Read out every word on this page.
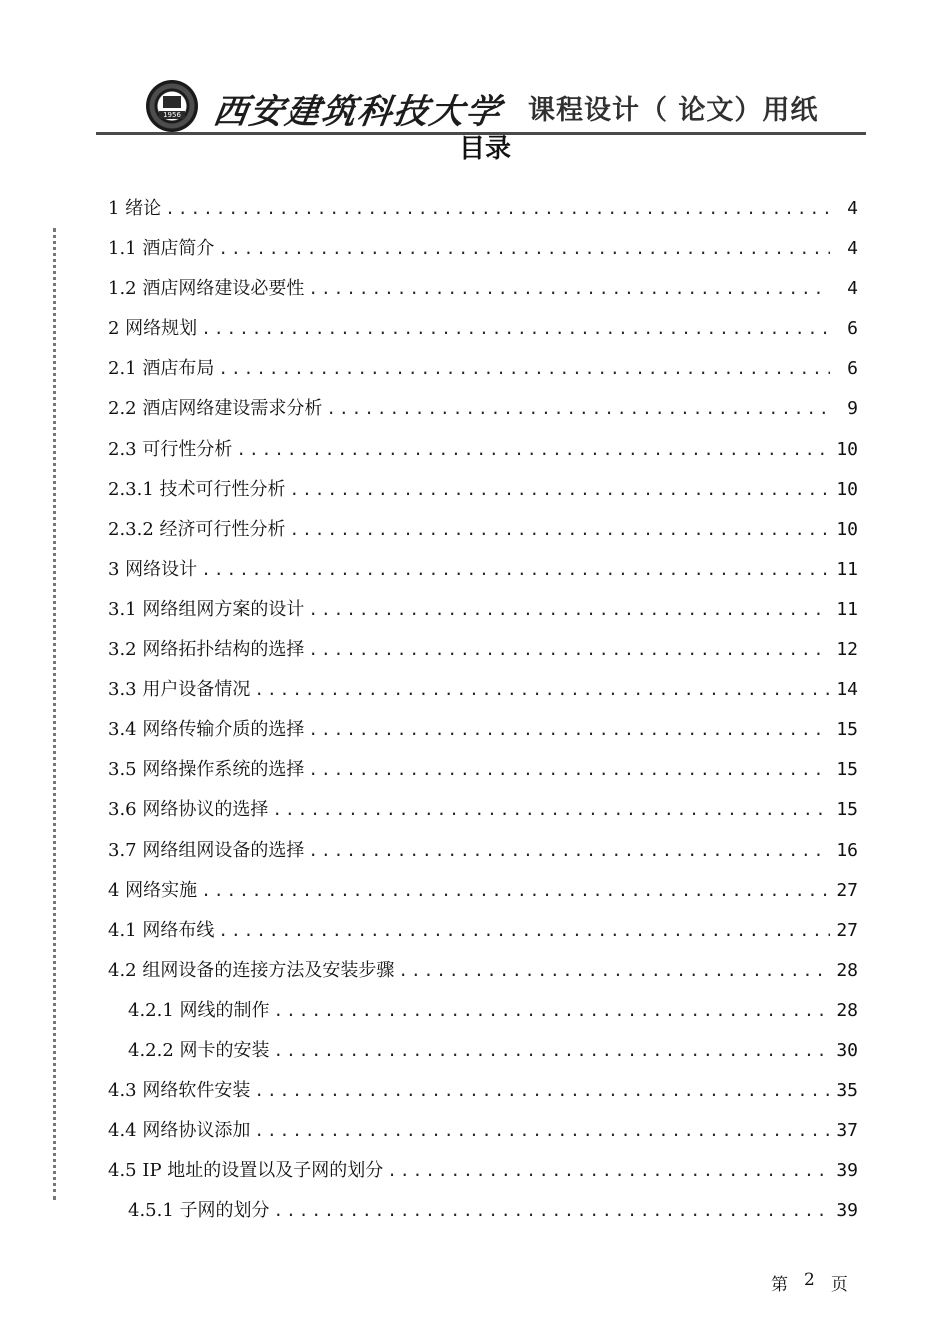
1956 西安建筑科技大学 课程设计（ 论文）用纸
目录
1 绪论 .....	4
1.1 酒店简介 .....	4
1.2 酒店网络建设必要性 .....	4
2 网络规划 .....	6
2.1 酒店布局 .....	6
2.2 酒店网络建设需求分析 .....	9
2.3 可行性分析 .....	10
2.3.1 技术可行性分析 .....	10
2.3.2 经济可行性分析 .....	10
3 网络设计 .....	11
3.1 网络组网方案的设计 .....	11
3.2 网络拓扑结构的选择 .....	12
3.3 用户设备情况 .....	14
3.4 网络传输介质的选择 .....	15
3.5 网络操作系统的选择 .....	15
3.6 网络协议的选择 .....	15
3.7 网络组网设备的选择 .....	16
4 网络实施 .....	27
4.1 网络布线 .....	27
4.2 组网设备的连接方法及安装步骤 .....	28
4.2.1 网线的制作 .....	28
4.2.2 网卡的安装 .....	30
4.3 网络软件安装 .....	35
4.4 网络协议添加 .....	37
4.5 IP 地址的设置以及子网的划分 .....	39
4.5.1 子网的划分 .....	39
第 2 页
